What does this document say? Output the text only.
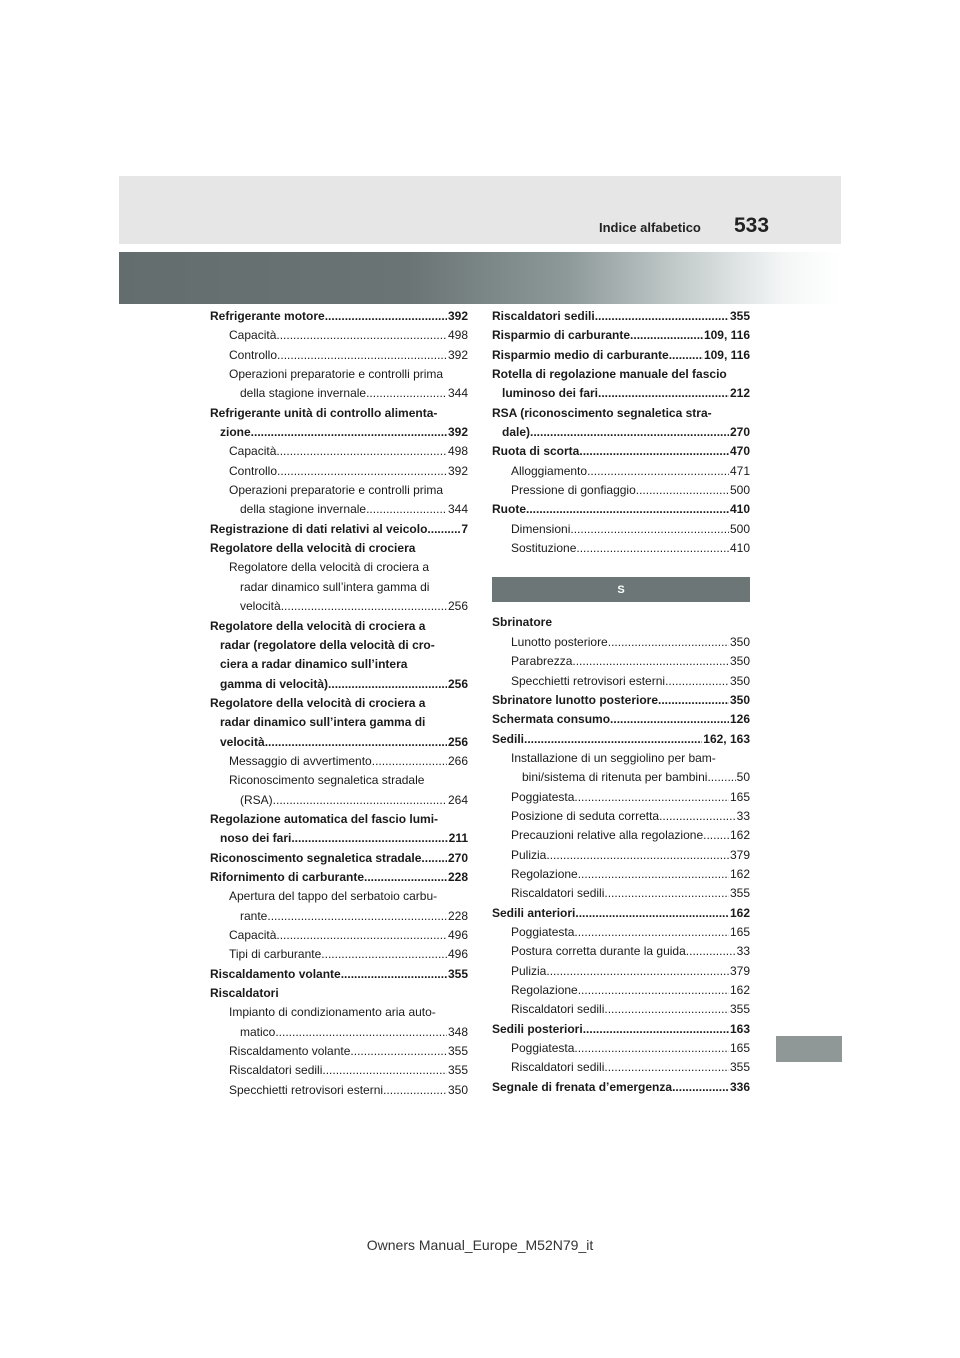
Indice alfabetico 533
Refrigerante motore .....	392
Capacità .....	498
Controllo .....	392
Operazioni preparatorie e controlli prima
della stagione invernale .....	344
Refrigerante unità di controllo alimenta-
zione .....	392
Capacità .....	498
Controllo .....	392
Operazioni preparatorie e controlli prima
della stagione invernale .....	344
Registrazione di dati relativi al veicolo .....	7
Regolatore della velocità di crociera
Regolatore della velocità di crociera a
radar dinamico sull’intera gamma di
velocità .....	256
Regolatore della velocità di crociera a
radar (regolatore della velocità di cro-
ciera a radar dinamico sull’intera
gamma di velocità) .....	256
Regolatore della velocità di crociera a
radar dinamico sull’intera gamma di
velocità .....	256
Messaggio di avvertimento .....	266
Riconoscimento segnaletica stradale
(RSA) .....	264
Regolazione automatica del fascio lumi-
noso dei fari .....	211
Riconoscimento segnaletica stradale ..... 270
Rifornimento di carburante .....	228
Apertura del tappo del serbatoio carbu-
rante .....	228
Capacità .....	496
Tipi di carburante .....	496
Riscaldamento volante .....	355
Riscaldatori
Impianto di condizionamento aria auto-
matico .....	348
Riscaldamento volante .....	355
Riscaldatori sedili .....	355
Specchietti retrovisori esterni .....	350
Riscaldatori sedili .....	355
Risparmio di carburante .....	109, 116
Risparmio medio di carburante .....	109, 116
Rotella di regolazione manuale del fascio
luminoso dei fari .....	212
RSA (riconoscimento segnaletica stra-
dale) .....	270
Ruota di scorta .....	470
Alloggiamento .....	471
Pressione di gonfiaggio .....	500
Ruote .....	410
Dimensioni .....	500
Sostituzione .....	410
S
Sbrinatore
Lunotto posteriore .....	350
Parabrezza .....	350
Specchietti retrovisori esterni .....	350
Sbrinatore lunotto posteriore .....	350
Schermata consumo .....	126
Sedili .....	162, 163
Installazione di un seggiolino per bam-
bini/sistema di ritenuta per bambini ..... 50
Poggiatesta .....	165
Posizione di seduta corretta .....	33
Precauzioni relative alla regolazione ..... 162
Pulizia .....	379
Regolazione .....	162
Riscaldatori sedili .....	355
Sedili anteriori .....	162
Poggiatesta .....	165
Postura corretta durante la guida .....	33
Pulizia .....	379
Regolazione .....	162
Riscaldatori sedili .....	355
Sedili posteriori .....	163
Poggiatesta .....	165
Riscaldatori sedili .....	355
Segnale di frenata d’emergenza .....	336
Owners Manual_Europe_M52N79_it
